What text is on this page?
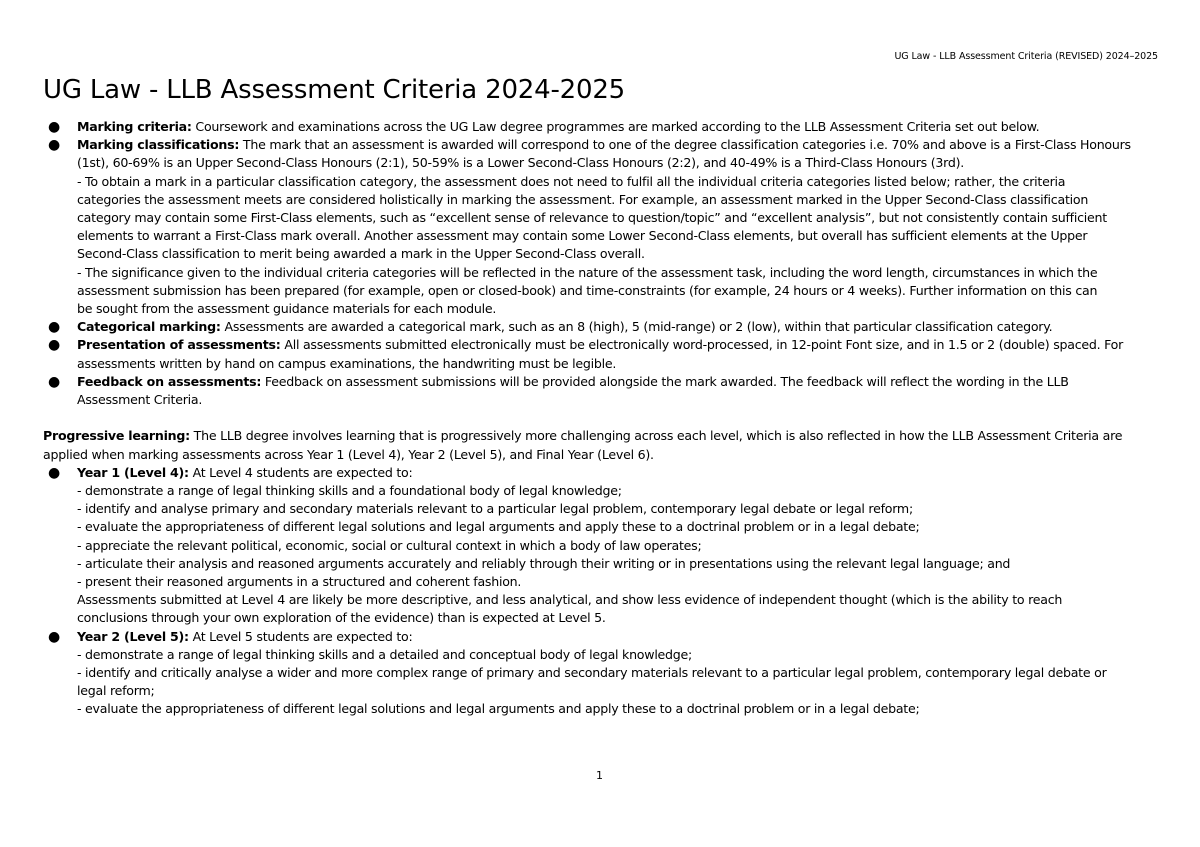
UG Law - LLB Assessment Criteria (REVISED) 2024–2025
UG Law - LLB Assessment Criteria 2024-2025
● Marking criteria: Coursework and examinations across the UG Law degree programmes are marked according to the LLB Assessment Criteria set out below.
● Marking classifications: The mark that an assessment is awarded will correspond to one of the degree classification categories i.e. 70% and above is a First-Class Honours
(1st), 60-69% is an Upper Second-Class Honours (2:1), 50-59% is a Lower Second-Class Honours (2:2), and 40-49% is a Third-Class Honours (3rd).
- To obtain a mark in a particular classification category, the assessment does not need to fulfil all the individual criteria categories listed below; rather, the criteria
categories the assessment meets are considered holistically in marking the assessment. For example, an assessment marked in the Upper Second-Class classification
category may contain some First-Class elements, such as “excellent sense of relevance to question/topic” and “excellent analysis”, but not consistently contain sufficient
elements to warrant a First-Class mark overall. Another assessment may contain some Lower Second-Class elements, but overall has sufficient elements at the Upper
Second-Class classification to merit being awarded a mark in the Upper Second-Class overall.
- The significance given to the individual criteria categories will be reflected in the nature of the assessment task, including the word length, circumstances in which the
assessment submission has been prepared (for example, open or closed-book) and time-constraints (for example, 24 hours or 4 weeks). Further information on this can
be sought from the assessment guidance materials for each module.
● Categorical marking: Assessments are awarded a categorical mark, such as an 8 (high), 5 (mid-range) or 2 (low), within that particular classification category.
● Presentation of assessments: All assessments submitted electronically must be electronically word-processed, in 12-point Font size, and in 1.5 or 2 (double) spaced. For
assessments written by hand on campus examinations, the handwriting must be legible.
● Feedback on assessments: Feedback on assessment submissions will be provided alongside the mark awarded. The feedback will reflect the wording in the LLB
Assessment Criteria.
Progressive learning: The LLB degree involves learning that is progressively more challenging across each level, which is also reflected in how the LLB Assessment Criteria are
applied when marking assessments across Year 1 (Level 4), Year 2 (Level 5), and Final Year (Level 6).
● Year 1 (Level 4): At Level 4 students are expected to:
- demonstrate a range of legal thinking skills and a foundational body of legal knowledge;
- identify and analyse primary and secondary materials relevant to a particular legal problem, contemporary legal debate or legal reform;
- evaluate the appropriateness of different legal solutions and legal arguments and apply these to a doctrinal problem or in a legal debate;
- appreciate the relevant political, economic, social or cultural context in which a body of law operates;
- articulate their analysis and reasoned arguments accurately and reliably through their writing or in presentations using the relevant legal language; and
- present their reasoned arguments in a structured and coherent fashion.
Assessments submitted at Level 4 are likely be more descriptive, and less analytical, and show less evidence of independent thought (which is the ability to reach
conclusions through your own exploration of the evidence) than is expected at Level 5.
● Year 2 (Level 5): At Level 5 students are expected to:
- demonstrate a range of legal thinking skills and a detailed and conceptual body of legal knowledge;
- identify and critically analyse a wider and more complex range of primary and secondary materials relevant to a particular legal problem, contemporary legal debate or
legal reform;
- evaluate the appropriateness of different legal solutions and legal arguments and apply these to a doctrinal problem or in a legal debate;
1
